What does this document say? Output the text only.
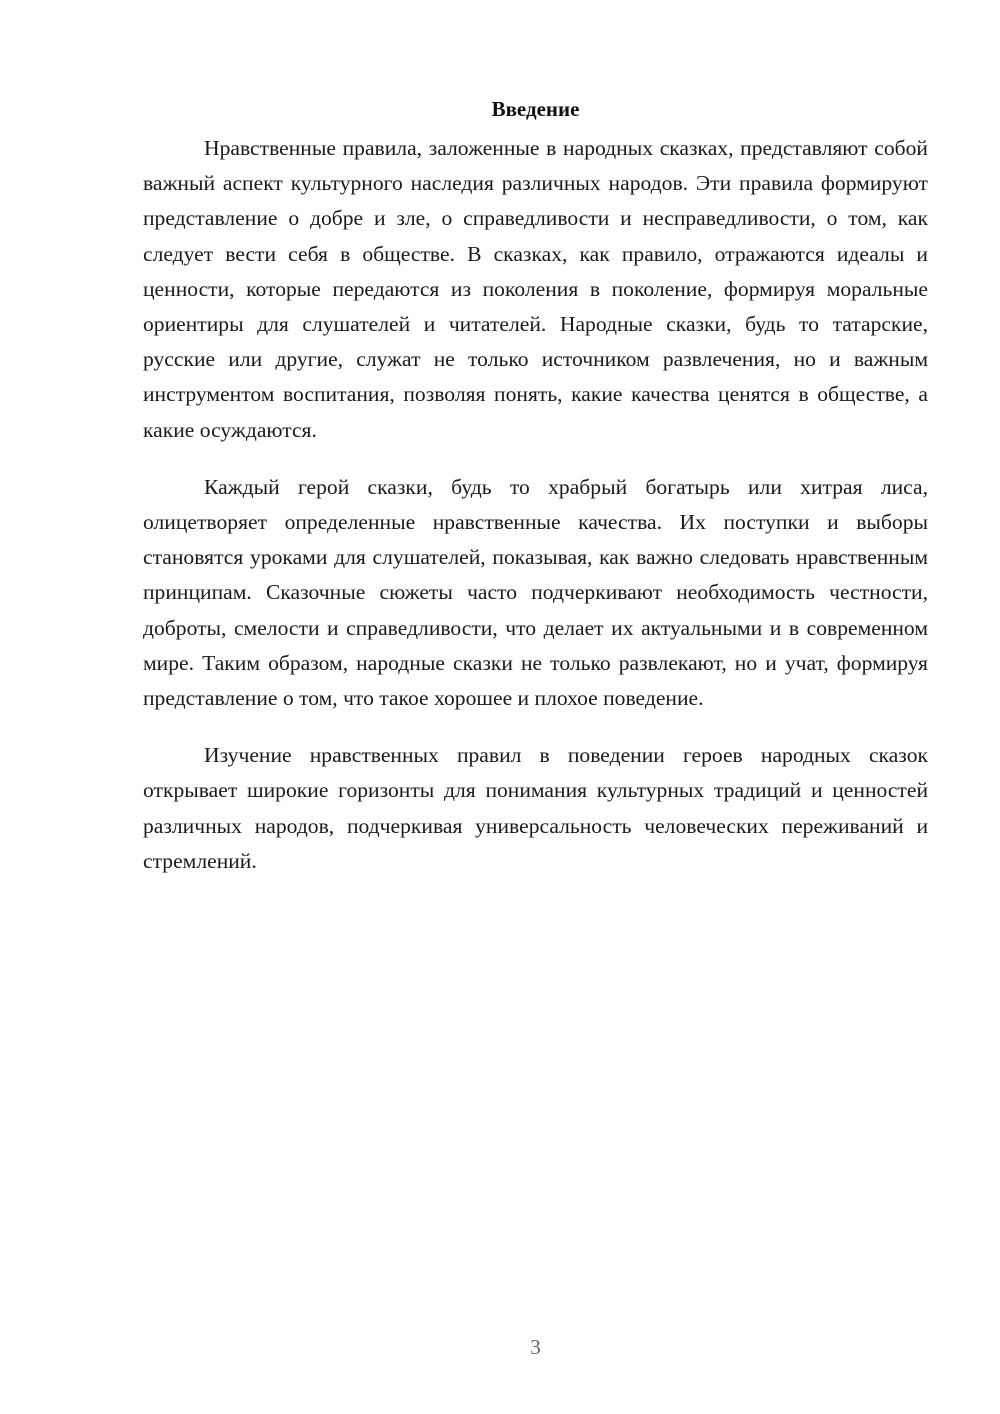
Введение

Нравственные правила, заложенные в народных сказках, представляют собой важный аспект культурного наследия различных народов. Эти правила формируют представление о добре и зле, о справедливости и несправедливости, о том, как следует вести себя в обществе. В сказках, как правило, отражаются идеалы и ценности, которые передаются из поколения в поколение, формируя моральные ориентиры для слушателей и читателей. Народные сказки, будь то татарские, русские или другие, служат не только источником развлечения, но и важным инструментом воспитания, позволяя понять, какие качества ценятся в обществе, а какие осуждаются.

Каждый герой сказки, будь то храбрый богатырь или хитрая лиса, олицетворяет определенные нравственные качества. Их поступки и выборы становятся уроками для слушателей, показывая, как важно следовать нравственным принципам. Сказочные сюжеты часто подчеркивают необходимость честности, доброты, смелости и справедливости, что делает их актуальными и в современном мире. Таким образом, народные сказки не только развлекают, но и учат, формируя представление о том, что такое хорошее и плохое поведение.

Изучение нравственных правил в поведении героев народных сказок открывает широкие горизонты для понимания культурных традиций и ценностей различных народов, подчеркивая универсальность человеческих переживаний и стремлений.

3
